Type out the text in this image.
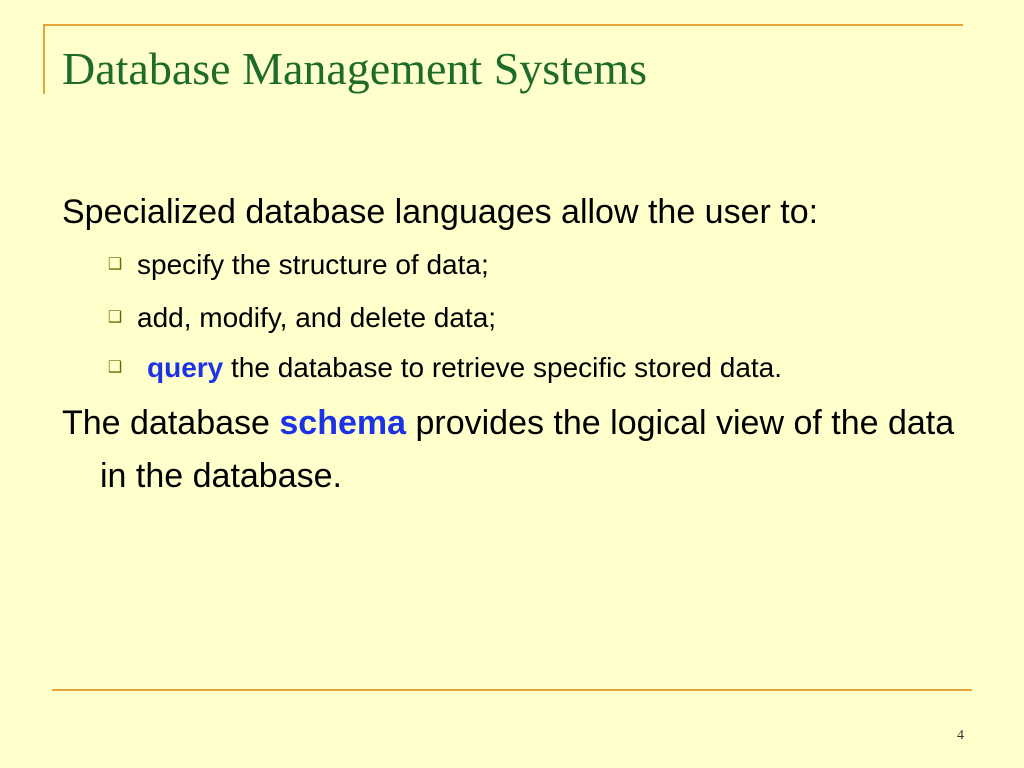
Database Management Systems

Specialized database languages allow the user to:

❑ specify the structure of data;
❑ add, modify, and delete data;
❑ query the database to retrieve specific stored data.

The database schema provides the logical view of the data in the database.

4
